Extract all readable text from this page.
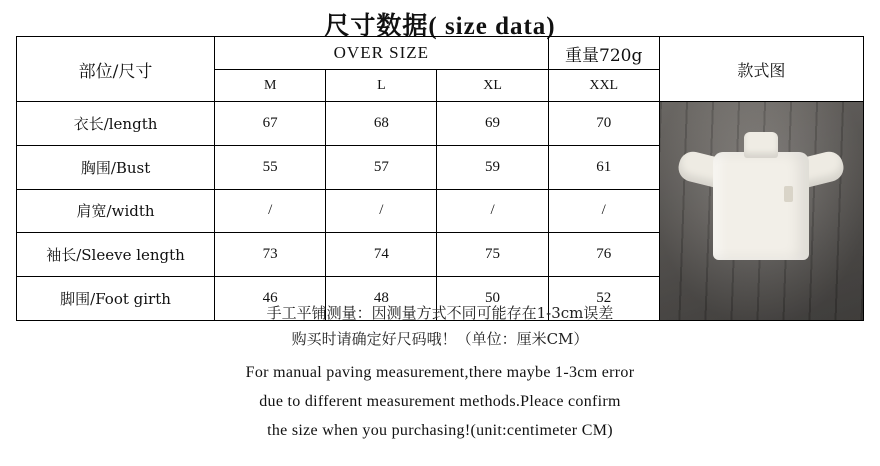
尺寸数据( size data)
部位/尺寸	OVER SIZE			重量720g	款式图
	M	L	XL	XXL	
衣长/length	67	68	69	70	

胸围/Bust	55	57	59	61	
肩宽/width	/	/	/	/	
袖长/Sleeve length	73	74	75	76	
脚围/Foot girth	46	48	50	52	
手工平铺测量：因测量方式不同可能存在1-3cm误差
购买时请确定好尺码哦！（单位：厘米CM）
For manual paving measurement,there maybe 1-3cm error
due to different measurement methods.Pleace confirm
the size when you purchasing!(unit:centimeter CM)
